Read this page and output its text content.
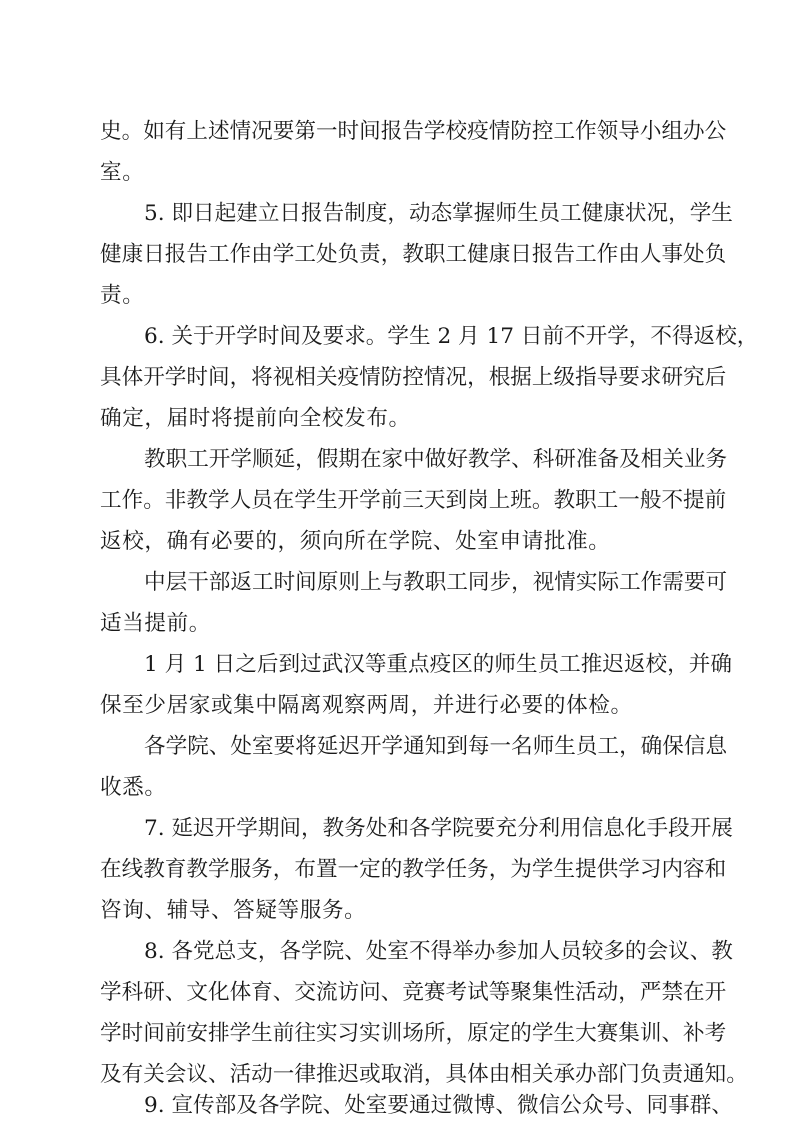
史。如有上述情况要第一时间报告学校疫情防控工作领导小组办公
室。
5. 即日起建立日报告制度，动态掌握师生员工健康状况，学生
健康日报告工作由学工处负责，教职工健康日报告工作由人事处负
责。
6. 关于开学时间及要求。学生 2 月 17 日前不开学，不得返校，
具体开学时间，将视相关疫情防控情况，根据上级指导要求研究后
确定，届时将提前向全校发布。
教职工开学顺延，假期在家中做好教学、科研准备及相关业务
工作。非教学人员在学生开学前三天到岗上班。教职工一般不提前
返校，确有必要的，须向所在学院、处室申请批准。
中层干部返工时间原则上与教职工同步，视情实际工作需要可
适当提前。
1 月 1 日之后到过武汉等重点疫区的师生员工推迟返校，并确
保至少居家或集中隔离观察两周，并进行必要的体检。
各学院、处室要将延迟开学通知到每一名师生员工，确保信息
收悉。
7. 延迟开学期间，教务处和各学院要充分利用信息化手段开展
在线教育教学服务，布置一定的教学任务，为学生提供学习内容和
咨询、辅导、答疑等服务。
8. 各党总支，各学院、处室不得举办参加人员较多的会议、教
学科研、文化体育、交流访问、竞赛考试等聚集性活动，严禁在开
学时间前安排学生前往实习实训场所，原定的学生大赛集训、补考
及有关会议、活动一律推迟或取消，具体由相关承办部门负责通知。
9. 宣传部及各学院、处室要通过微博、微信公众号、同事群、
